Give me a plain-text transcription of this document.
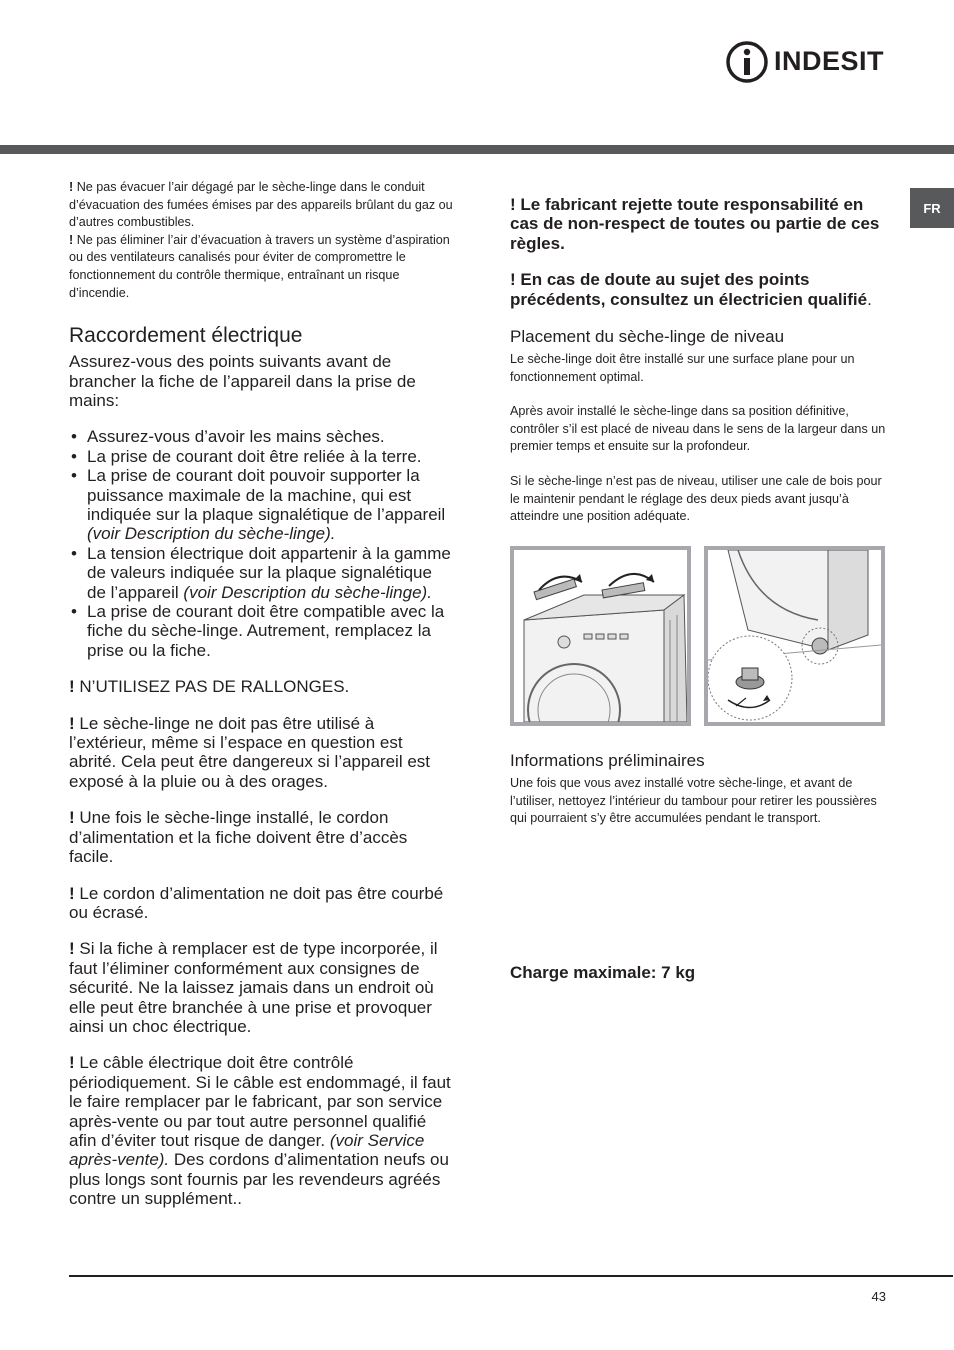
INDESIT
FR

! Ne pas évacuer l’air dégagé par le sèche-linge dans le conduit d’évacuation des fumées émises par des appareils brûlant du gaz ou d’autres combustibles.

! Ne pas éliminer l’air d’évacuation à travers un système d’aspiration ou des ventilateurs canalisés pour éviter de compromettre le fonctionnement du contrôle thermique, entraînant un risque d’incendie.

Raccordement électrique

Assurez-vous des points suivants avant de brancher la fiche de l’appareil dans la prise de mains:

• Assurez-vous d’avoir les mains sèches.
• La prise de courant doit être reliée à la terre.
• La prise de courant doit pouvoir supporter la puissance maximale de la machine, qui est indiquée sur la plaque signalétique de l’appareil (voir Description du sèche-linge).
• La tension électrique doit appartenir à la gamme de valeurs indiquée sur la plaque signalétique de l’appareil (voir Description du sèche-linge).
• La prise de courant doit être compatible avec la fiche du sèche-linge. Autrement, remplacez la prise ou la fiche.

! N’UTILISEZ PAS DE RALLONGES.

! Le sèche-linge ne doit pas être utilisé à l’extérieur, même si l’espace en question est abrité. Cela peut être dangereux si l’appareil est exposé à la pluie ou à des orages.

! Une fois le sèche-linge installé, le cordon d’alimentation et la fiche doivent être d’accès facile.

! Le cordon d’alimentation ne doit pas être courbé ou écrasé.

! Si la fiche à remplacer est de type incorporée, il faut l’éliminer conformément aux consignes de sécurité. Ne la laissez jamais dans un endroit où elle peut être branchée à une prise et provoquer ainsi un choc électrique.

! Le câble électrique doit être contrôlé périodiquement. Si le câble est endommagé, il faut le faire remplacer par le fabricant, par son service après-vente ou par tout autre personnel qualifié afin d’éviter tout risque de danger. (voir Service après-vente). Des cordons d’alimentation neufs ou plus longs sont fournis par les revendeurs agréés contre un supplément..

! Le fabricant rejette toute responsabilité en cas de non-respect de toutes ou partie de ces règles.

! En cas de doute au sujet des points précédents, consultez un électricien qualifié.

Placement du sèche-linge de niveau

Le sèche-linge doit être installé sur une surface plane pour un fonctionnement optimal.

Après avoir installé le sèche-linge dans sa position définitive, contrôler s’il est placé de niveau dans le sens de la largeur dans un premier temps et ensuite sur la profondeur.

Si le sèche-linge n’est pas de niveau, utiliser une cale de bois pour le maintenir pendant le réglage des deux pieds avant jusqu’à atteindre une position adéquate.

Informations préliminaires

Une fois que vous avez installé votre sèche-linge, et avant de l’utiliser, nettoyez l’intérieur du tambour pour retirer les poussières qui pourraient s’y être accumulées pendant le transport.

Charge maximale: 7 kg

43
